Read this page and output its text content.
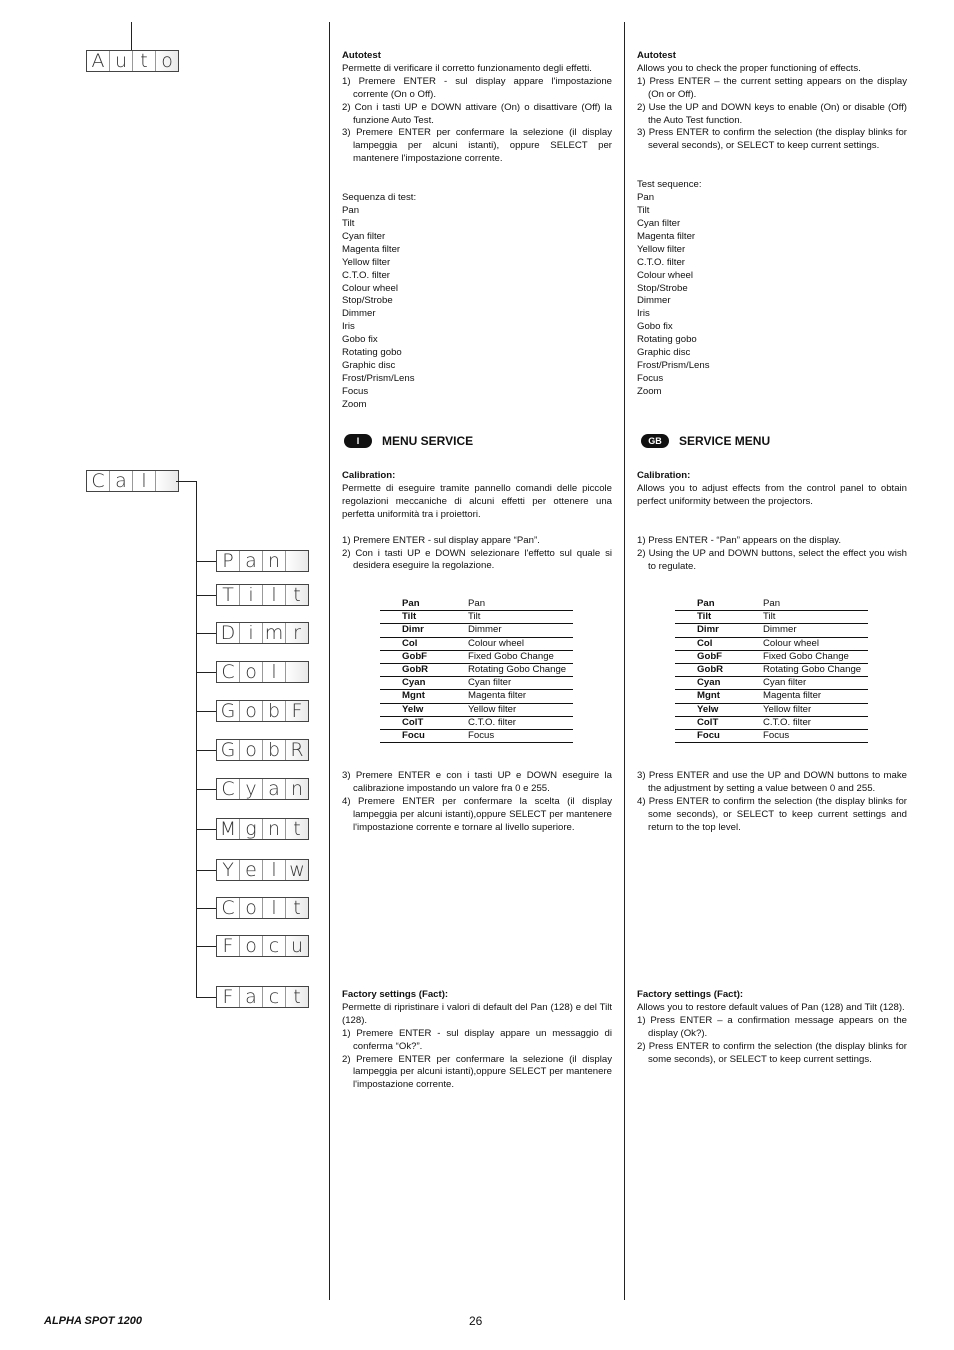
A u t o
C a l
P a n
T i l t
D i m r
C o l
G o b F
G o b R
C y a n
M g n t
Y e l w
C o l t
F o c u
F a c t

Autotest

Permette di verificare il corretto funzionamento degli effetti.

1) Premere ENTER - sul display appare l'impostazione corrente (On o Off).

2) Con i tasti UP e DOWN attivare (On) o disattivare (Off) la funzione Auto Test.

3) Premere ENTER per confermare la selezione (il display lampeggia per alcuni istanti), oppure SELECT per mantenere l'impostazione corrente.

Sequenza di test:

Pan

Tilt

Cyan filter

Magenta filter

Yellow filter

C.T.O. filter

Colour wheel

Stop/Strobe

Dimmer

Iris

Gobo fix

Rotating gobo

Graphic disc

Frost/Prism/Lens

Focus

Zoom

I	MENU SERVICE

Calibration:

Permette di eseguire tramite pannello comandi delle piccole regolazioni meccaniche di alcuni effetti per ottenere una perfetta uniformità tra i proiettori.

1) Premere ENTER - sul display appare “Pan”.

2) Con i tasti UP e DOWN selezionare l'effetto sul quale si desidera eseguire la regolazione.

Pan	Pan
Tilt	Tilt
Dimr	Dimmer
Col	Colour wheel
GobF	Fixed Gobo Change
GobR	Rotating Gobo Change
Cyan	Cyan filter
Mgnt	Magenta filter
Yelw	Yellow filter
ColT	C.T.O. filter
Focu	Focus

3) Premere ENTER e con i tasti UP e DOWN eseguire la calibrazione impostando un valore fra 0 e 255.

4) Premere ENTER per confermare la scelta (il display lampeggia per alcuni istanti),oppure SELECT per mantenere l'impostazione corrente e tornare al livello superiore.

Factory settings (Fact):

Permette di ripristinare i valori di default del Pan (128) e del Tilt (128).

1) Premere ENTER - sul display appare un messaggio di conferma “Ok?”.

2) Premere ENTER per confermare la selezione (il display lampeggia per alcuni istanti),oppure SELECT per mantenere l'impostazione corrente.

Autotest

Allows you to check the proper functioning of effects.

1) Press ENTER – the current setting appears on the display (On or Off).

2) Use the UP and DOWN keys to enable (On) or disable (Off) the Auto Test function.

3) Press ENTER to confirm the selection (the display blinks for several seconds), or SELECT to keep current settings.

Test sequence:

Pan

Tilt

Cyan filter

Magenta filter

Yellow filter

C.T.O. filter

Colour wheel

Stop/Strobe

Dimmer

Iris

Gobo fix

Rotating gobo

Graphic disc

Frost/Prism/Lens

Focus

Zoom

GB	SERVICE MENU

Calibration:

Allows you to adjust effects from the control panel to obtain perfect uniformity between the projectors.

1) Press ENTER - “Pan” appears on the display.

2) Using the UP and DOWN buttons, select the effect you wish to regulate.

Pan	Pan
Tilt	Tilt
Dimr	Dimmer
Col	Colour wheel
GobF	Fixed Gobo Change
GobR	Rotating Gobo Change
Cyan	Cyan filter
Mgnt	Magenta filter
Yelw	Yellow filter
ColT	C.T.O. filter
Focu	Focus

3) Press ENTER and use the UP and DOWN buttons to make the adjustment by setting a value between 0 and 255.

4) Press ENTER to confirm the selection (the display blinks for some seconds), or SELECT to keep current settings and return to the top level.

Factory settings (Fact):

Allows you to restore default values of Pan (128) and Tilt (128).

1) Press ENTER – a confirmation message appears on the display (Ok?).

2) Press ENTER to confirm the selection (the display blinks for some seconds), or SELECT to keep current settings.

ALPHA SPOT 1200	26
